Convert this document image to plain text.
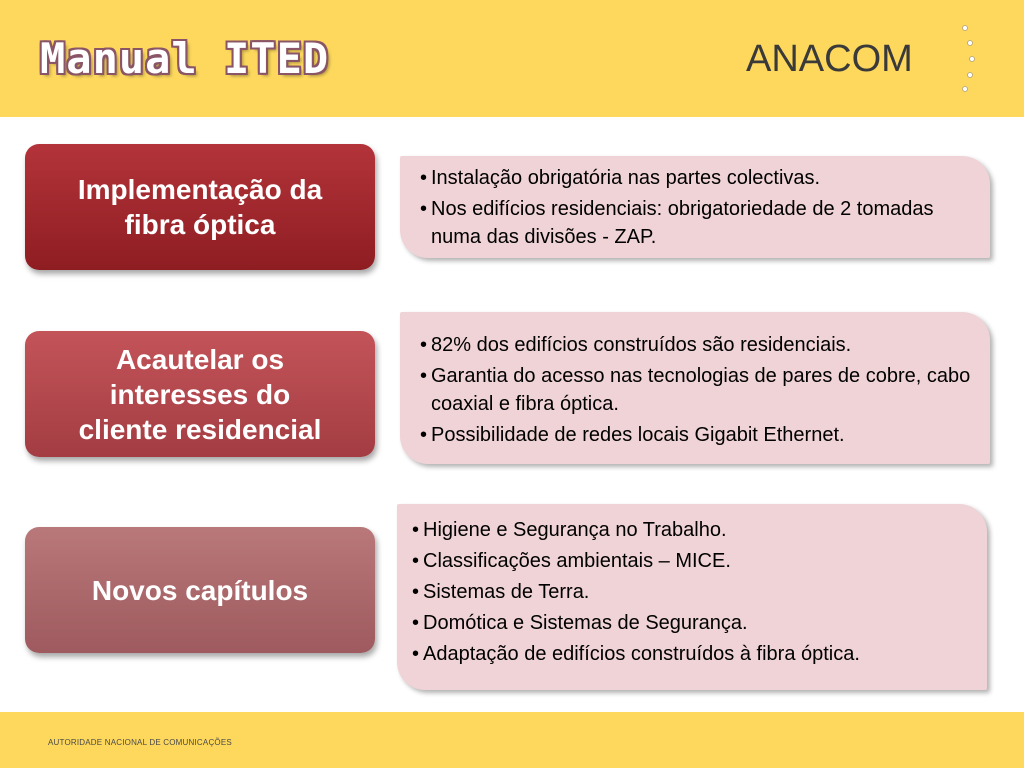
Manual ITED	ANACOM
Implementação da
fibra óptica
• Instalação obrigatória nas partes colectivas.
• Nos edifícios residenciais: obrigatoriedade de 2 tomadas numa das divisões - ZAP.
Acautelar os
interesses do
cliente residencial
• 82% dos edifícios construídos são residenciais.
• Garantia do acesso nas tecnologias de pares de cobre, cabo coaxial e fibra óptica.
• Possibilidade de redes locais Gigabit Ethernet.
Novos capítulos
• Higiene e Segurança no Trabalho.
• Classificações ambientais – MICE.
• Sistemas de Terra.
• Domótica e Sistemas de Segurança.
• Adaptação de edifícios construídos à fibra óptica.
AUTORIDADE NACIONAL DE COMUNICAÇÕES
